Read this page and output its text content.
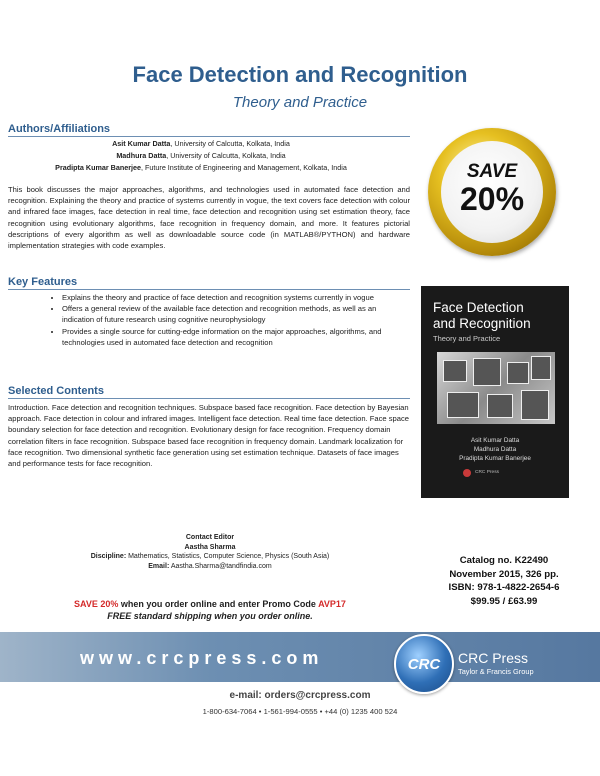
Face Detection and Recognition
Theory and Practice
Authors/Affiliations
Asit Kumar Datta, University of Calcutta, Kolkata, India
Madhura Datta, University of Calcutta, Kolkata, India
Pradipta Kumar Banerjee, Future Institute of Engineering and Management, Kolkata, India
This book discusses the major approaches, algorithms, and technologies used in automated face detection and recognition. Explaining the theory and practice of systems currently in vogue, the text covers face detection with colour and infrared face images, face detection in real time, face detection and recognition using set estimation theory, face recognition using evolutionary algorithms, face recognition in frequency domain, and more. It features pictorial descriptions of every algorithm as well as downloadable source code (in MATLAB®/PYTHON) and hardware implementation strategies with code examples.
Key Features
• Explains the theory and practice of face detection and recognition systems currently in vogue
• Offers a general review of the available face detection and recognition methods, as well as an indication of future research using cognitive neurophysiology
• Provides a single source for cutting-edge information on the major approaches, algorithms, and technologies used in automated face detection and recognition
Selected Contents
Introduction. Face detection and recognition techniques. Subspace based face recognition. Face detection by Bayesian approach. Face detection in colour and infrared images. Intelligent face detection. Real time face detection. Face space boundary selection for face detection and recognition. Evolutionary design for face recognition. Frequency domain correlation filters in face recognition. Subspace based face recognition in frequency domain. Landmark localization for face recognition. Two dimensional synthetic face generation using set estimation technique. Datasets of face images and performance tests for face recognition.
SAVE
20%
Face Detection
and Recognition
Theory and Practice
Asit Kumar Datta
Madhura Datta
Pradipta Kumar Banerjee
CRC Press
Contact Editor
Aastha Sharma
Discipline: Mathematics, Statistics, Computer Science, Physics (South Asia)
Email: Aastha.Sharma@tandfindia.com
Catalog no. K22490
November 2015, 326 pp.
ISBN: 978-1-4822-2654-6
$99.95 / £63.99
SAVE 20% when you order online and enter Promo Code AVP17
FREE standard shipping when you order online.
www.crcpress.com	CRC	CRC Press
Taylor & Francis Group
e-mail: orders@crcpress.com
1-800-634-7064 • 1-561-994-0555 • +44 (0) 1235 400 524
